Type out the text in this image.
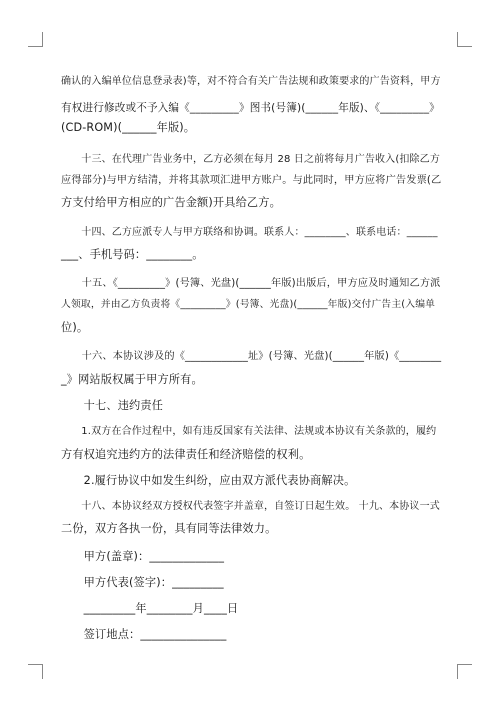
确认的入编单位信息登录表)等，对不符合有关广告法规和政策要求的广告资料，甲方
有权进行修改或不予入编《_________》图书(号簿)(______年版)、《_________》
(CD-ROM)(______年版)。
　　十三、在代理广告业务中，乙方必须在每月 28 日之前将每月广告收入(扣除乙方
应得部分)与甲方结清，并将其款项汇进甲方账户。与此同时，甲方应将广告发票(乙
方支付给甲方相应的广告金额)开具给乙方。
　　十四、乙方应派专人与甲方联络和协调。联系人：________、联系电话：______
___、手机号码：________。
　　十五、《_________》(号簿、光盘)(______年版)出版后，甲方应及时通知乙方派
人领取，并由乙方负责将《_________》(号簿、光盘)(______年版)交付广告主(入编单
位)。
　　十六、本协议涉及的《____________址》(号簿、光盘)(______年版)《________
_》网站版权属于甲方所有。
　　十七、违约责任
　　1.双方在合作过程中，如有违反国家有关法律、法规或本协议有关条款的，履约
方有权追究违约方的法律责任和经济赔偿的权利。
　　2.履行协议中如发生纠纷，应由双方派代表协商解决。
　　十八、本协议经双方授权代表签字并盖章，自签订日起生效。 十九、本协议一式
二份，双方各执一份，具有同等法律效力。
　　甲方(盖章)：_____________
　　甲方代表(签字)：_________
　　_________年________月____日
　　签订地点：_______________
